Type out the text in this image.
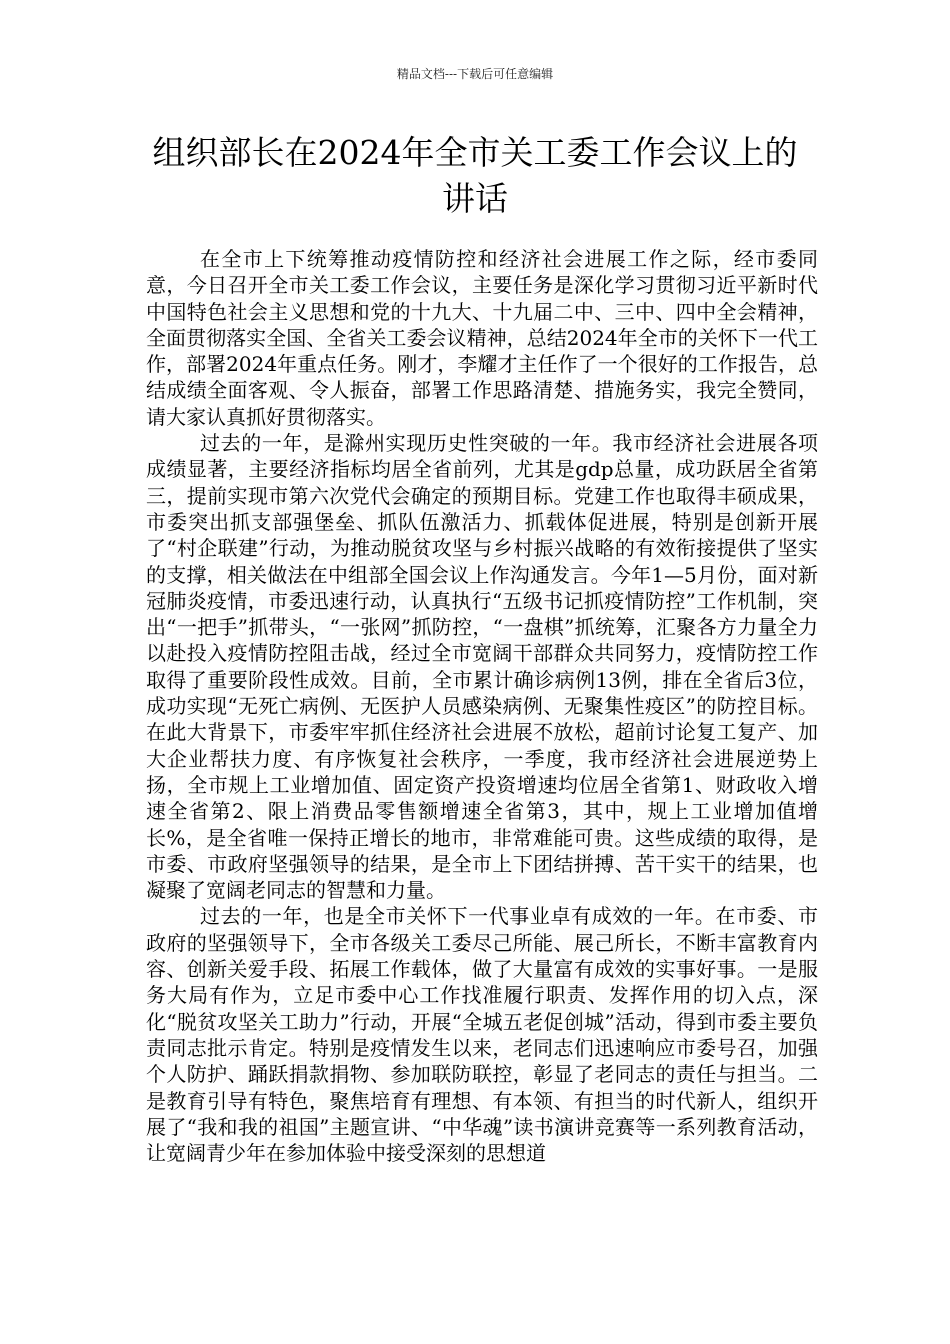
精品文档---下载后可任意编辑
组织部长在2024年全市关工委工作会议上的讲话

在全市上下统筹推动疫情防控和经济社会进展工作之际，经市委同意，今日召开全市关工委工作会议，主要任务是深化学习贯彻习近平新时代中国特色社会主义思想和党的十九大、十九届二中、三中、四中全会精神，全面贯彻落实全国、全省关工委会议精神，总结2024年全市的关怀下一代工作，部署2024年重点任务。刚才，李耀才主任作了一个很好的工作报告，总结成绩全面客观、令人振奋，部署工作思路清楚、措施务实，我完全赞同，请大家认真抓好贯彻落实。

过去的一年，是滁州实现历史性突破的一年。我市经济社会进展各项成绩显著，主要经济指标均居全省前列，尤其是gdp总量，成功跃居全省第三，提前实现市第六次党代会确定的预期目标。党建工作也取得丰硕成果，市委突出抓支部强堡垒、抓队伍激活力、抓载体促进展，特别是创新开展了“村企联建”行动，为推动脱贫攻坚与乡村振兴战略的有效衔接提供了坚实的支撑，相关做法在中组部全国会议上作沟通发言。今年1—5月份，面对新冠肺炎疫情，市委迅速行动，认真执行“五级书记抓疫情防控”工作机制，突出“一把手”抓带头，“一张网”抓防控，“一盘棋”抓统筹，汇聚各方力量全力以赴投入疫情防控阻击战，经过全市宽阔干部群众共同努力，疫情防控工作取得了重要阶段性成效。目前，全市累计确诊病例13例，排在全省后3位，成功实现“无死亡病例、无医护人员感染病例、无聚集性疫区”的防控目标。在此大背景下，市委牢牢抓住经济社会进展不放松，超前讨论复工复产、加大企业帮扶力度、有序恢复社会秩序，一季度，我市经济社会进展逆势上扬，全市规上工业增加值、固定资产投资增速均位居全省第1、财政收入增速全省第2、限上消费品零售额增速全省第3，其中，规上工业增加值增长%，是全省唯一保持正增长的地市，非常难能可贵。这些成绩的取得，是市委、市政府坚强领导的结果，是全市上下团结拼搏、苦干实干的结果，也凝聚了宽阔老同志的智慧和力量。

过去的一年，也是全市关怀下一代事业卓有成效的一年。在市委、市政府的坚强领导下，全市各级关工委尽己所能、展己所长，不断丰富教育内容、创新关爱手段、拓展工作载体，做了大量富有成效的实事好事。一是服务大局有作为，立足市委中心工作找准履行职责、发挥作用的切入点，深化“脱贫攻坚关工助力”行动，开展“全城五老促创城”活动，得到市委主要负责同志批示肯定。特别是疫情发生以来，老同志们迅速响应市委号召，加强个人防护、踊跃捐款捐物、参加联防联控，彰显了老同志的责任与担当。二是教育引导有特色，聚焦培育有理想、有本领、有担当的时代新人，组织开展了“我和我的祖国”主题宣讲、“中华魂”读书演讲竞赛等一系列教育活动，让宽阔青少年在参加体验中接受深刻的思想道
